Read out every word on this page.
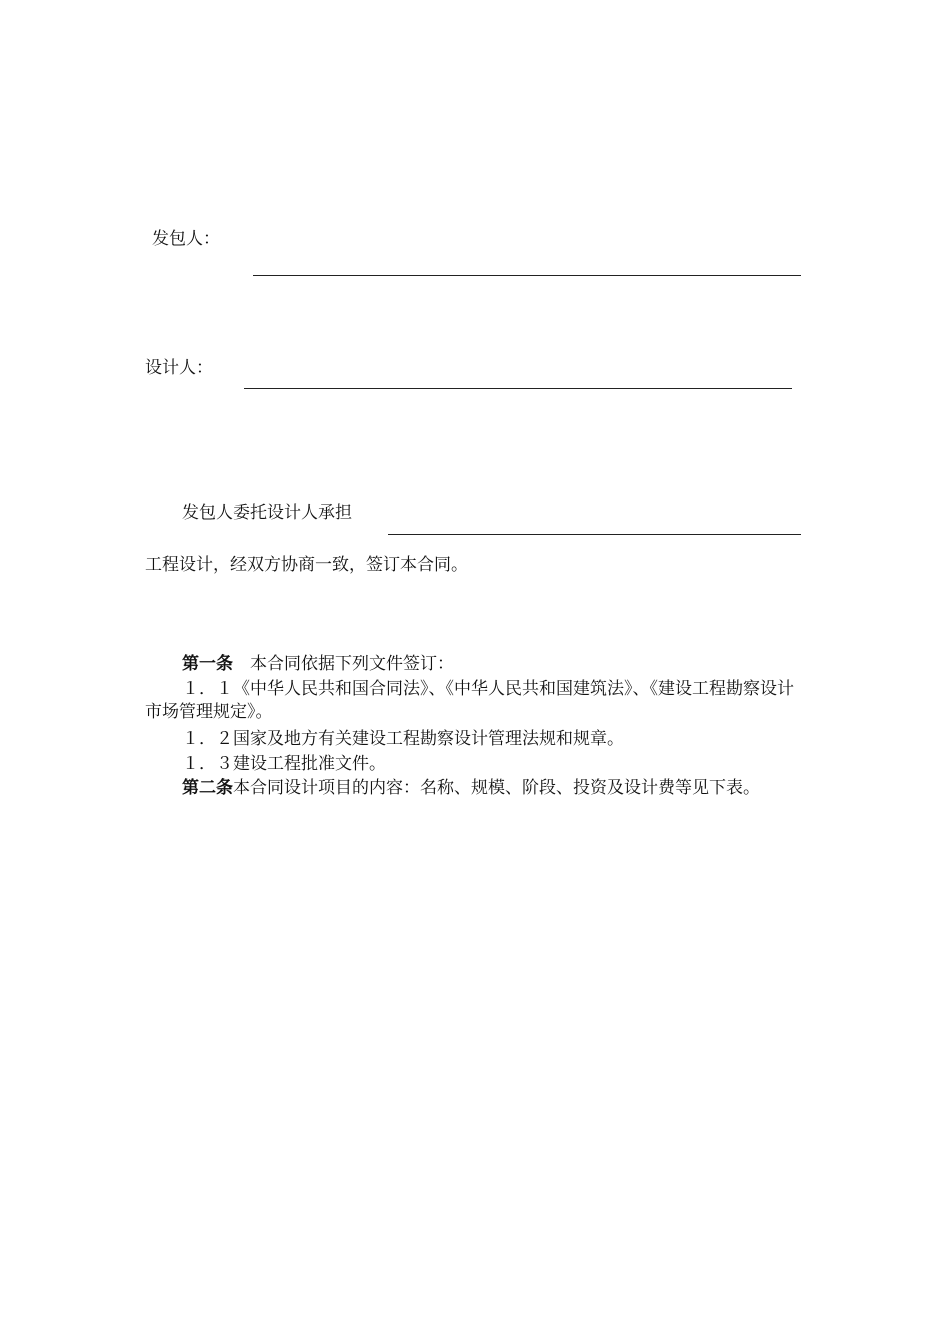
发包人：
设计人：
发包人委托设计人承担
工程设计，经双方协商一致，签订本合同。
第一条　本合同依据下列文件签订：
１．１《中华人民共和国合同法》、《中华人民共和国建筑法》、《建设工程勘察设计市场管理规定》。
１．２国家及地方有关建设工程勘察设计管理法规和规章。
１．３建设工程批准文件。
第二条本合同设计项目的内容：名称、规模、阶段、投资及设计费等见下表。
